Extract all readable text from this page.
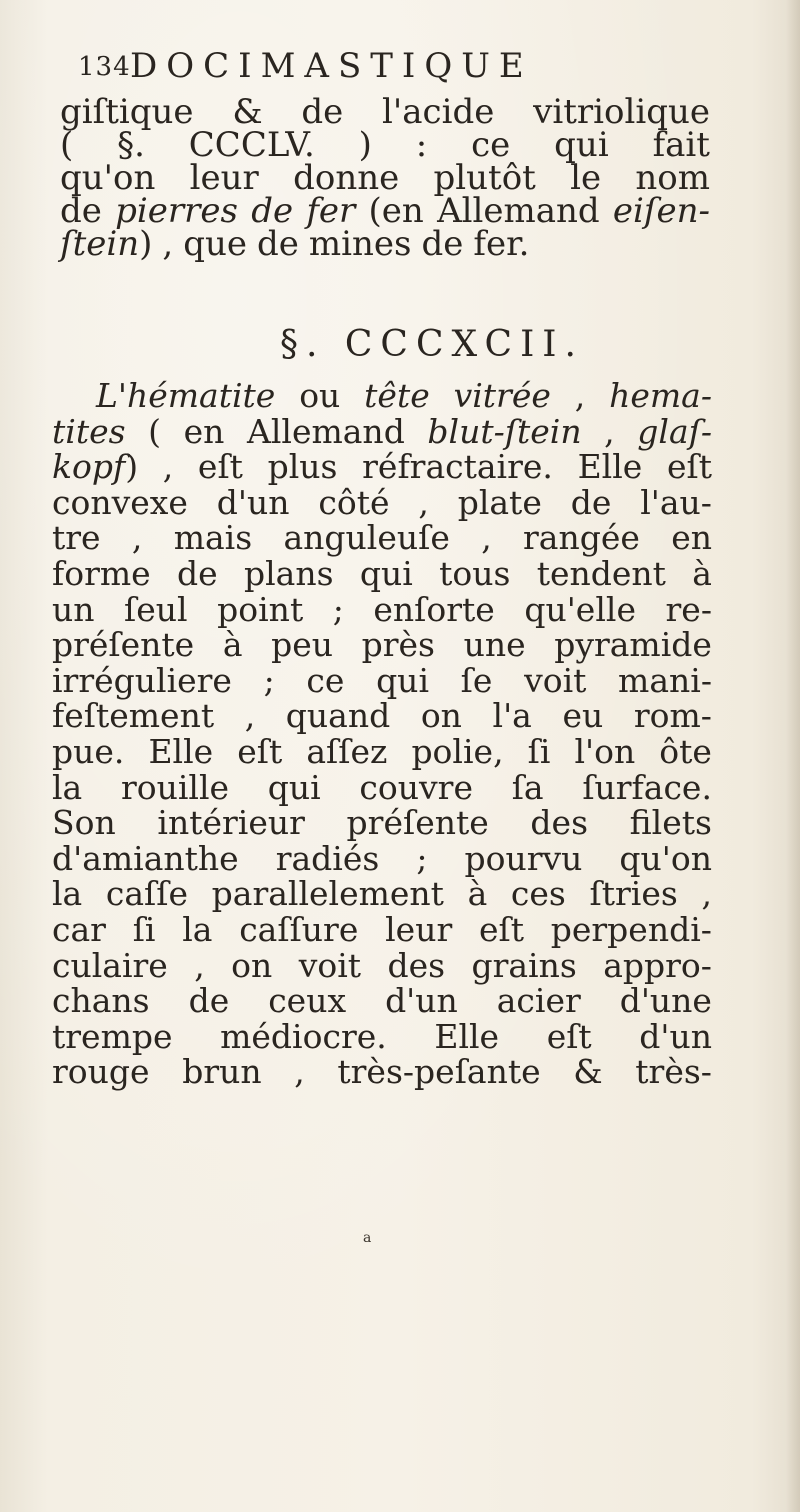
134 DOCIMASTIQUE
giſtique & de l'acide vitriolique
( §. CCCLV. ) : ce qui fait
qu'on leur donne plutôt le nom
de pierres de fer (en Allemand eiſen-
ſtein) , que de mines de fer.
§. CCCXCII.
L'hématite ou tête vitrée , hema-
tites ( en Allemand blut-ſtein , glaſ-
kopf) , eſt plus réfractaire. Elle eſt
convexe d'un côté , plate de l'au-
tre , mais anguleuſe , rangée en
forme de plans qui tous tendent à
un ſeul point ; enſorte qu'elle re-
préſente à peu près une pyramide
irréguliere ; ce qui ſe voit mani-
feſtement , quand on l'a eu rom-
pue. Elle eſt aſſez polie, ſi l'on ôte
la rouille qui couvre ſa ſurface.
Son intérieur préſente des filets
d'amianthe radiés ; pourvu qu'on
la caſſe parallelement à ces ſtries ,
car ſi la caſſure leur eſt perpendi-
culaire , on voit des grains appro-
chans de ceux d'un acier d'une
trempe médiocre. Elle eſt d'un
rouge brun , très-peſante & très-
a
